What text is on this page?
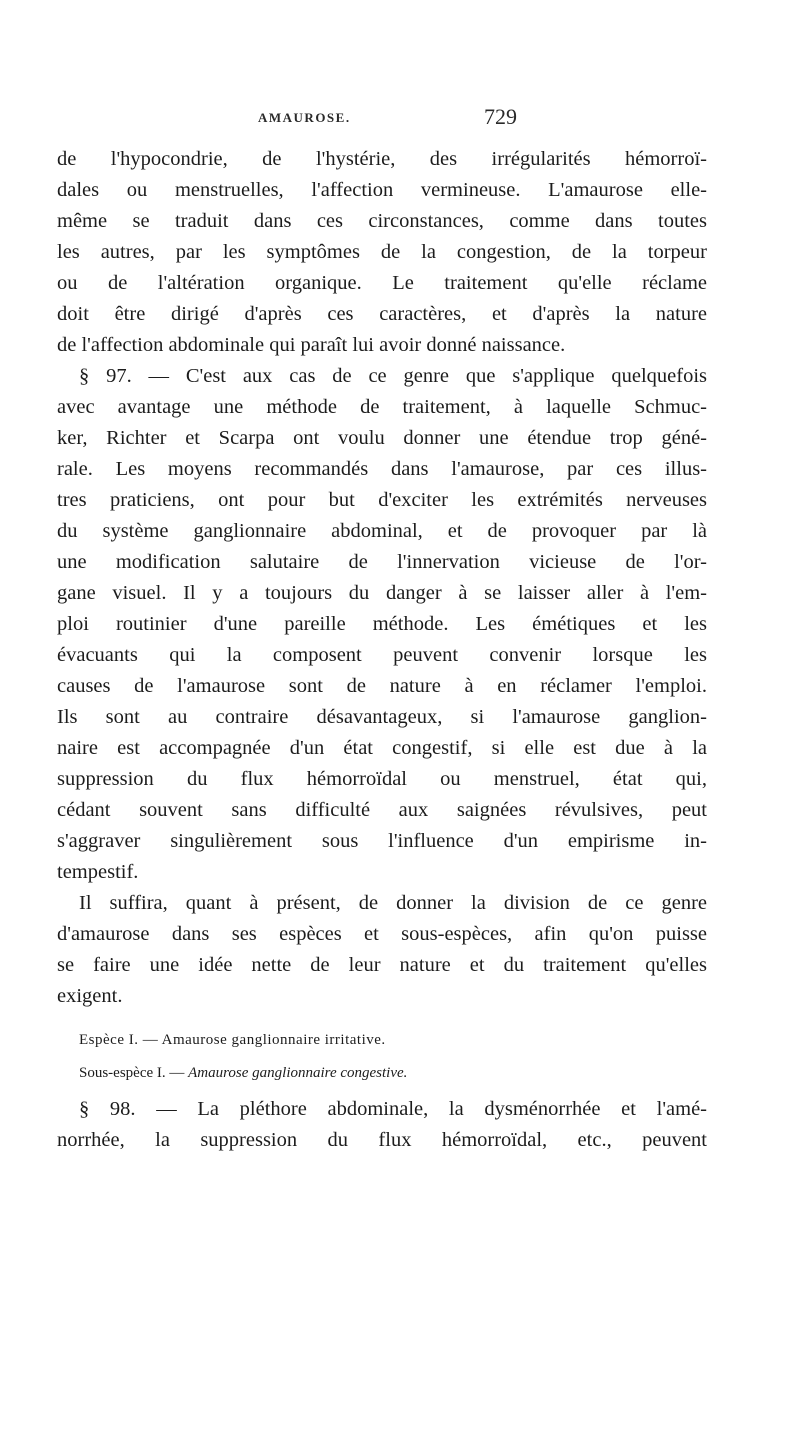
AMAUROSE.	729
de l'hypocondrie, de l'hystérie, des irrégularités hémorroï-
dales ou menstruelles, l'affection vermineuse. L'amaurose elle-
même se traduit dans ces circonstances, comme dans toutes
les autres, par les symptômes de la congestion, de la torpeur
ou de l'altération organique. Le traitement qu'elle réclame
doit être dirigé d'après ces caractères, et d'après la nature
de l'affection abdominale qui paraît lui avoir donné naissance.
§ 97. — C'est aux cas de ce genre que s'applique quelquefois
avec avantage une méthode de traitement, à laquelle Schmuc-
ker, Richter et Scarpa ont voulu donner une étendue trop géné-
rale. Les moyens recommandés dans l'amaurose, par ces illus-
tres praticiens, ont pour but d'exciter les extrémités nerveuses
du système ganglionnaire abdominal, et de provoquer par là
une modification salutaire de l'innervation vicieuse de l'or-
gane visuel. Il y a toujours du danger à se laisser aller à l'em-
ploi routinier d'une pareille méthode. Les émétiques et les
évacuants qui la composent peuvent convenir lorsque les
causes de l'amaurose sont de nature à en réclamer l'emploi.
Ils sont au contraire désavantageux, si l'amaurose ganglion-
naire est accompagnée d'un état congestif, si elle est due à la
suppression du flux hémorroïdal ou menstruel, état qui,
cédant souvent sans difficulté aux saignées révulsives, peut
s'aggraver singulièrement sous l'influence d'un empirisme in-
tempestif.
Il suffira, quant à présent, de donner la division de ce genre
d'amaurose dans ses espèces et sous-espèces, afin qu'on puisse
se faire une idée nette de leur nature et du traitement qu'elles
exigent.
Espèce I. — Amaurose ganglionnaire irritative.
Sous-espèce I. — Amaurose ganglionnaire congestive.
§ 98. — La pléthore abdominale, la dysménorrhée et l'amé-
norrhée, la suppression du flux hémorroïdal, etc., peuvent
